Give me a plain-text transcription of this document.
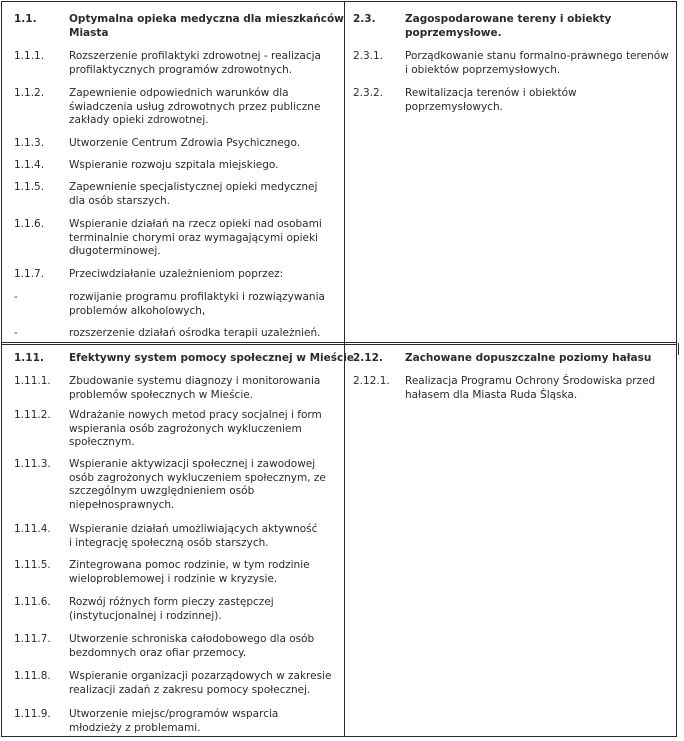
1.1.	Optymalna opieka medyczna dla mieszkańców
Miasta
1.1.1. Rozszerzenie profilaktyki zdrowotnej - realizacja
profilaktycznych programów zdrowotnych.
1.1.2. Zapewnienie odpowiednich warunków dla
świadczenia usług zdrowotnych przez publiczne
zakłady opieki zdrowotnej.
1.1.3. Utworzenie Centrum Zdrowia Psychicznego.
1.1.4. Wspieranie rozwoju szpitala miejskiego.
1.1.5. Zapewnienie specjalistycznej opieki medycznej
dla osób starszych.
1.1.6. Wspieranie działań na rzecz opieki nad osobami
terminalnie chorymi oraz wymagającymi opieki
długoterminowej.
1.1.7. Przeciwdziałanie uzależnieniom poprzez:
-	rozwijanie programu profilaktyki i rozwiązywania
problemów alkoholowych,
-	rozszerzenie działań ośrodka terapii uzależnień.
2.3.	Zagospodarowane tereny i obiekty
poprzemysłowe.
2.3.1. Porządkowanie stanu formalno-prawnego terenów
i obiektów poprzemysłowych.
2.3.2. Rewitalizacja terenów i obiektów
poprzemysłowych.
1.11. Efektywny system pomocy społecznej w Mieście
1.11.1. Zbudowanie systemu diagnozy i monitorowania
problemów społecznych w Mieście.
1.11.2. Wdrażanie nowych metod pracy socjalnej i form
wspierania osób zagrożonych wykluczeniem
społecznym.
1.11.3. Wspieranie aktywizacji społecznej i zawodowej
osób zagrożonych wykluczeniem społecznym, ze
szczególnym uwzględnieniem osób
niepełnosprawnych.
1.11.4. Wspieranie działań umożliwiających aktywność
i integrację społeczną osób starszych.
1.11.5. Zintegrowana pomoc rodzinie, w tym rodzinie
wieloproblemowej i rodzinie w kryzysie.
1.11.6. Rozwój różnych form pieczy zastępczej
(instytucjonalnej i rodzinnej).
1.11.7. Utworzenie schroniska całodobowego dla osób
bezdomnych oraz ofiar przemocy.
1.11.8. Wspieranie organizacji pozarządowych w zakresie
realizacji zadań z zakresu pomocy społecznej.
1.11.9. Utworzenie miejsc/programów wsparcia
młodzieży z problemami.
2.12. Zachowane dopuszczalne poziomy hałasu
2.12.1. Realizacja Programu Ochrony Środowiska przed
hałasem dla Miasta Ruda Śląska.
